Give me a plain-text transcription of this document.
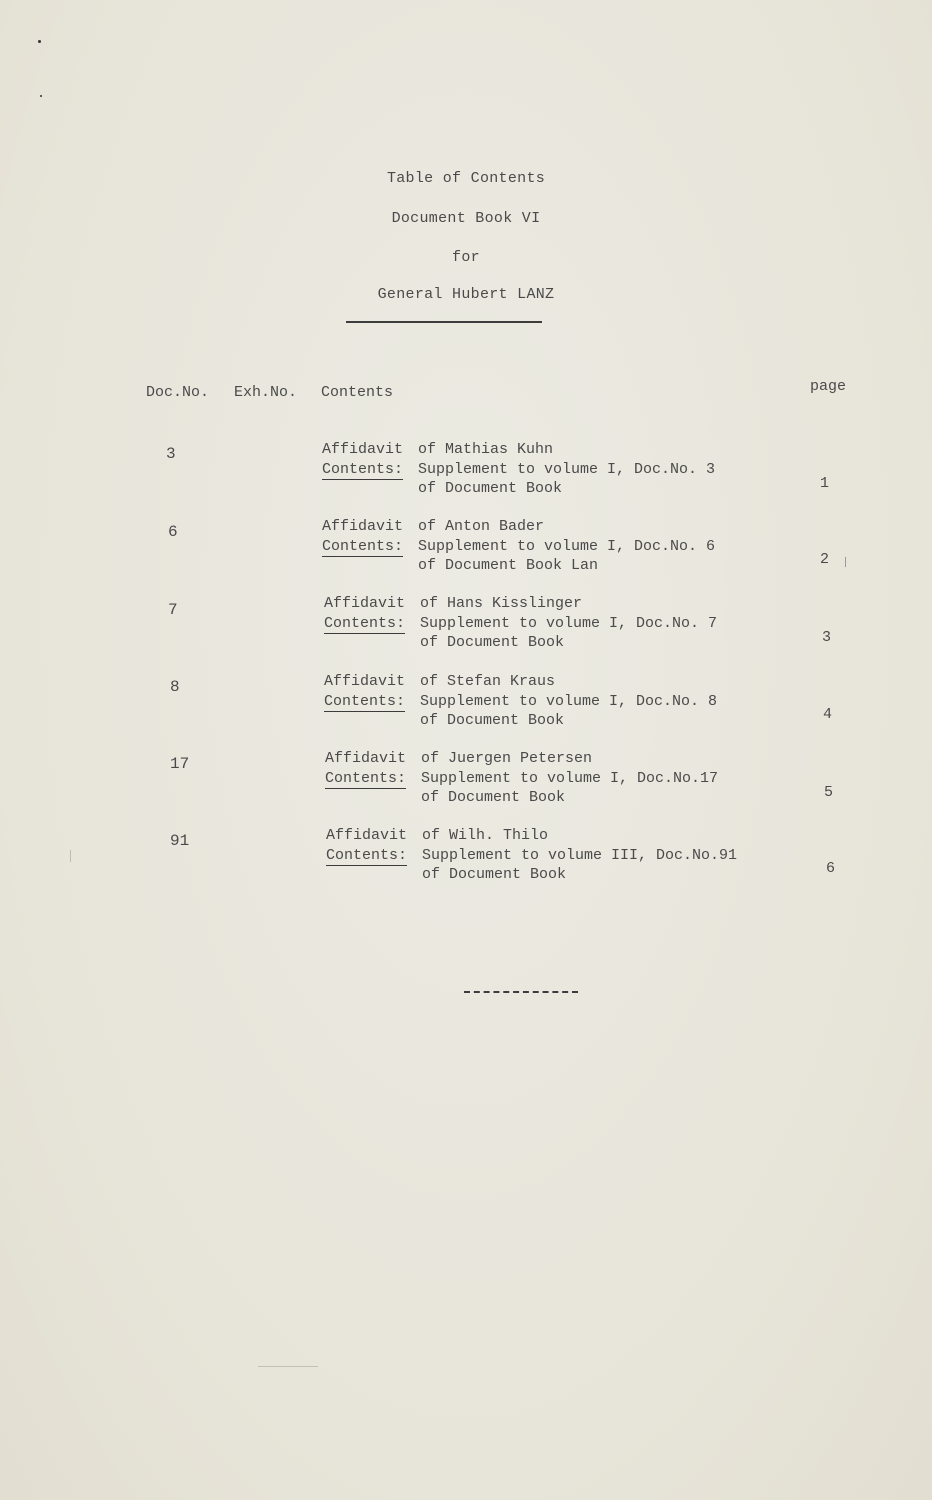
Table of Contents
Document Book VI
for
General Hubert LANZ
Doc.No. Exh.No. Contents	page
3	Affidavit of Mathias Kuhn
Contents: Supplement to volume I, Doc.No. 3
of Document Book	1
6	Affidavit of Anton Bader
Contents: Supplement to volume I, Doc.No. 6
of Document Book Lan	2
7	Affidavit of Hans Kisslinger
Contents: Supplement to volume I, Doc.No. 7
of Document Book	3
8	Affidavit of Stefan Kraus
Contents: Supplement to volume I, Doc.No. 8
of Document Book	4
17	Affidavit of Juergen Petersen
Contents: Supplement to volume I, Doc.No.17
of Document Book	5
91	Affidavit of Wilh. Thilo
Contents: Supplement to volume III, Doc.No.91
of Document Book	6
